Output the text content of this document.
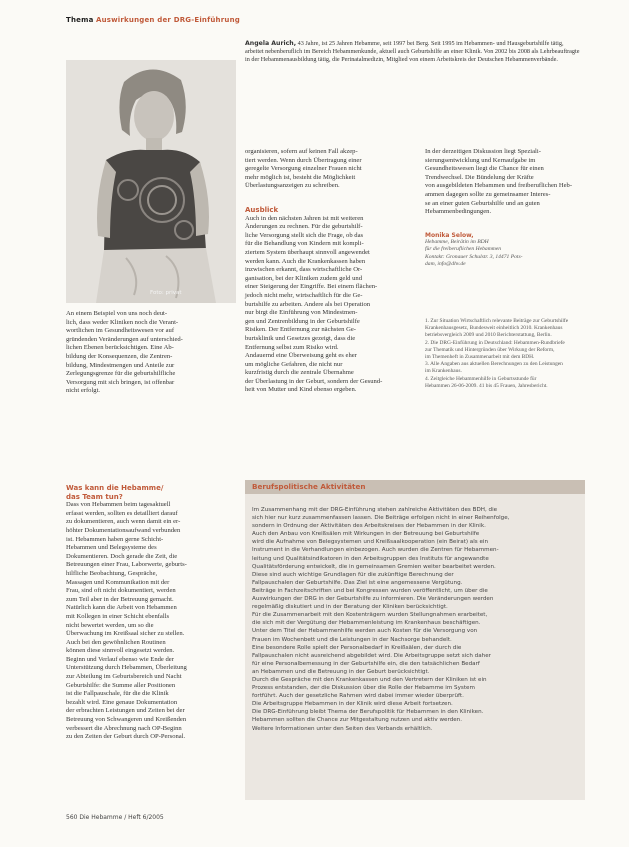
Thema Auswirkungen der DRG-Einführung
Foto: privat
Angela Aurich, 43 Jahre, ist 25 Jahren Hebamme, seit 1997 bei Berg. Seit 1995 im Hebammen- und Hausgeburtshilfe tätig, arbeitet nebenberuflich im Bereich Hebammenkunde, aktuell auch Geburtshilfe an einer Klinik. Von 2002 bis 2008 als Lehrbeauftragte in der Hebammenausbildung tätig, die Perinatalmedizin, Mitglied von einem Arbeitskreis der Deutschen Hebammenverbände.
An einem Beispiel von uns noch deut-
lich, dass weder Kliniken noch die Verant-
wortlichen im Gesundheitswesen vor auf
gründenden Veränderungen auf unterschied-
lichen Ebenen berücksichtigen. Eine Ab-
bildung der Konsequenzen, die Zentren-
bildung, Mindestmengen und Anteile zur
Zerlegungsgrenze für die geburtshilfliche
Versorgung mit sich bringen, ist offenbar
nicht erfolgt.
organisieren, sofern auf keinen Fall akzep-
tiert werden. Wenn durch Übertragung einer
geregelte Versorgung einzelner Frauen nicht
mehr möglich ist, besteht die Möglichkeit
Überlastungsanzeigen zu schreiben.
Ausblick
Auch in den nächsten Jahren ist mit weiteren
Änderungen zu rechnen. Für die geburtshilf-
liche Versorgung stellt sich die Frage, ob das
für die Behandlung von Kindern mit kompli-
ziertem System überhaupt sinnvoll angewendet
werden kann. Auch die Krankenkassen haben
inzwischen erkannt, dass wirtschaftliche Or-
ganisation, bei der Kliniken zudem geld und
einer Steigerung der Eingriffe. Bei einem flächen-
jedoch nicht mehr, wirtschaftlich für die Ge-
burtshilfe zu arbeiten. Andere als bei Operation
nur birgt die Einführung von Mindestmen-
gen und Zentrenbildung in der Geburtshilfe
Risiken. Der Entfernung zur nächsten Ge-
burtsklinik und Gesetzes gezeigt, dass die
Entfernung selbst zum Risiko wird.
Andauernd eine Überweisung geht es eher
um mögliche Gefahren, die nicht nur
kurzfristig durch die zentrale Übernahme
der Überlastung in der Geburt, sondern der Gesund-
heit von Mutter und Kind ebenso ergeben.
In der derzeitigen Diskussion liegt Speziali-
sierungsentwicklung und Kernaufgabe im
Gesundheitswesen liegt die Chance für einen
Trendwechsel. Die Bündelung der Kräfte
von ausgebildeten Hebammen und freiberuflichen Heb-
ammen dagegen sollte zu gemeinsamer Interes-
se an einer guten Geburtshilfe und an guten
Hebammenbedingungen.
Monika Selow,
Hebamme, Beirätin im BDH
für die freiberuflichen Hebammen
Kontakt: Gronauer Schulstr. 3, 14471 Pots-
dam, info@dhv.de
1. Zur Situation Wirtschaftlich relevante Beiträge zur Geburtshilfe
Krankenhausgesetz, Bundesweit einheitlich 2010. Krankenhaus
betriebsvergleich 2009 und 2010 Berichterstattung, Berlin.
2. Die DRG-Einführung in Deutschland: Hebammen-Rundbriefe
zur Thematik und Hintergründen über Wirkung der Reform,
im Themenheft in Zusammenarbeit mit dem BDH.
3. Alle Angaben aus aktuellen Berechnungen zu den Leistungen
im Krankenhaus.
4. Zeitgleiche Hebammenhilfe in Geburtsstunde für
Hebammen 26-06-2009. 41 bis 45 Frauen, Jahresbericht.
Was kann die Hebamme/
das Team tun?
Dass von Hebammen beim tagesaktuell
erfasst werden, sollten es detailliert darauf
zu dokumentieren, auch wenn damit ein er-
höhter Dokumentationsaufwand verbunden
ist. Hebammen haben gerne Schicht-
Hebammen und Belegsysteme des
Dokumentieren. Doch gerade die Zeit, die
Betreuungen einer Frau, Laborwerte, geburts-
hilfliche Beobachtung, Gespräche,
Massagen und Kommunikation mit der
Frau, sind oft nicht dokumentiert, werden
zum Teil aber in der Betreuung gemacht.
Natürlich kann die Arbeit von Hebammen
mit Kollegen in einer Schicht ebenfalls
nicht bewertet werden, um so die
Überwachung im Kreißsaal sicher zu stellen.
Auch bei den gewöhnlichen Routinen
können diese sinnvoll eingesetzt werden.
Beginn und Verlauf ebenso wie Ende der
Unterstützung durch Hebammen, Überleitung
zur Abteilung im Geburtsbereich und Nacht
Geburtshilfe: die Summe aller Positionen
ist die Fallpauschale, für die die Klinik
bezahlt wird. Eine genaue Dokumentation
der erbrachten Leistungen und Zeiten bei der
Betreuung von Schwangeren und Kreißenden
verbessert die Abrechnung nach OP-Beginn
zu den Zeiten der Geburt durch OP-Personal.
Berufspolitische Aktivitäten
Im Zusammenhang mit der DRG-Einführung stehen zahlreiche Aktivitäten des BDH, die
sich hier nur kurz zusammenfassen lassen. Die Beiträge erfolgen nicht in einer Reihenfolge,
sondern in Ordnung der Aktivitäten des Arbeitskreises der Hebammen in der Klinik.
Auch den Anbau von Kreißsälen mit Wirkungen in der Betreuung bei Geburtshilfe
wird die Aufnahme von Belegsystemen und Kreißsaalkooperation (ein Beirat) als ein
Instrument in die Verhandlungen einbezogen. Auch wurden die Zentren für Hebammen-
leitung und Qualitätsindikatoren in den Arbeitsgruppen des Instituts für angewandte
Qualitätsförderung entwickelt, die in gemeinsamen Gremien weiter bearbeitet werden.
Diese sind auch wichtige Grundlagen für die zukünftige Berechnung der
Fallpauschalen der Geburtshilfe. Das Ziel ist eine angemessene Vergütung.
Beiträge in Fachzeitschriften und bei Kongressen wurden veröffentlicht, um über die
Auswirkungen der DRG in der Geburtshilfe zu informieren. Die Veränderungen werden
regelmäßig diskutiert und in der Beratung der Kliniken berücksichtigt.
Für die Zusammenarbeit mit den Kostenträgern wurden Stellungnahmen erarbeitet,
die sich mit der Vergütung der Hebammenleistung im Krankenhaus beschäftigen.
Unter dem Titel der Hebammenhilfe werden auch Kosten für die Versorgung von
Frauen im Wochenbett und die Leistungen in der Nachsorge behandelt.
Eine besondere Rolle spielt der Personalbedarf in Kreißsälen, der durch die
Fallpauschalen nicht ausreichend abgebildet wird. Die Arbeitsgruppe setzt sich daher
für eine Personalbemessung in der Geburtshilfe ein, die den tatsächlichen Bedarf
an Hebammen und die Betreuung in der Geburt berücksichtigt.
Durch die Gespräche mit den Krankenkassen und den Vertretern der Kliniken ist ein
Prozess entstanden, der die Diskussion über die Rolle der Hebamme im System
fortführt. Auch der gesetzliche Rahmen wird dabei immer wieder überprüft.
Die Arbeitsgruppe Hebammen in der Klinik wird diese Arbeit fortsetzen.
Die DRG-Einführung bleibt Thema der Berufspolitik für Hebammen in den Kliniken.
Hebammen sollten die Chance zur Mitgestaltung nutzen und aktiv werden.
Weitere Informationen unter den Seiten des Verbands erhältlich.
560 Die Hebamme / Heft 6/2005
